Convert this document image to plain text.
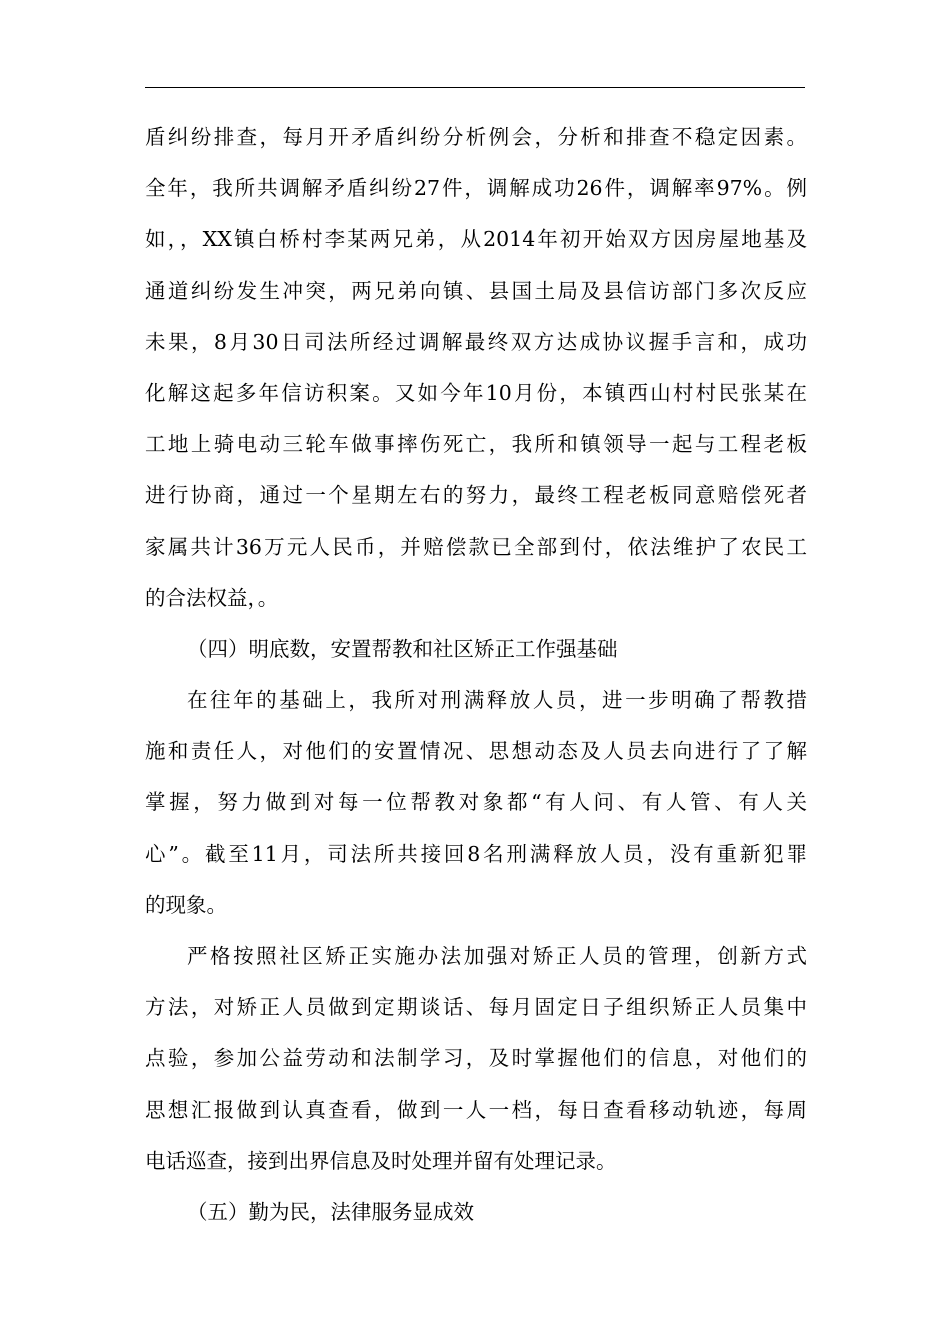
盾纠纷排查，每月开矛盾纠纷分析例会，分析和排查不稳定因素。
全年，我所共调解矛盾纠纷27件，调解成功26件，调解率97%。例
如，，XX镇白桥村李某两兄弟，从2014年初开始双方因房屋地基及
通道纠纷发生冲突，两兄弟向镇、县国土局及县信访部门多次反应
未果，8月30日司法所经过调解最终双方达成协议握手言和，成功
化解这起多年信访积案。又如今年10月份，本镇西山村村民张某在
工地上骑电动三轮车做事摔伤死亡，我所和镇领导一起与工程老板
进行协商，通过一个星期左右的努力，最终工程老板同意赔偿死者
家属共计36万元人民币，并赔偿款已全部到付，依法维护了农民工
的合法权益，。
（四）明底数，安置帮教和社区矫正工作强基础
在往年的基础上，我所对刑满释放人员，进一步明确了帮教措
施和责任人，对他们的安置情况、思想动态及人员去向进行了了解
掌握，努力做到对每一位帮教对象都“有人问、有人管、有人关
心”。截至11月，司法所共接回8名刑满释放人员，没有重新犯罪
的现象。
严格按照社区矫正实施办法加强对矫正人员的管理，创新方式
方法，对矫正人员做到定期谈话、每月固定日子组织矫正人员集中
点验，参加公益劳动和法制学习，及时掌握他们的信息，对他们的
思想汇报做到认真查看，做到一人一档，每日查看移动轨迹，每周
电话巡查，接到出界信息及时处理并留有处理记录。
（五）勤为民，法律服务显成效
